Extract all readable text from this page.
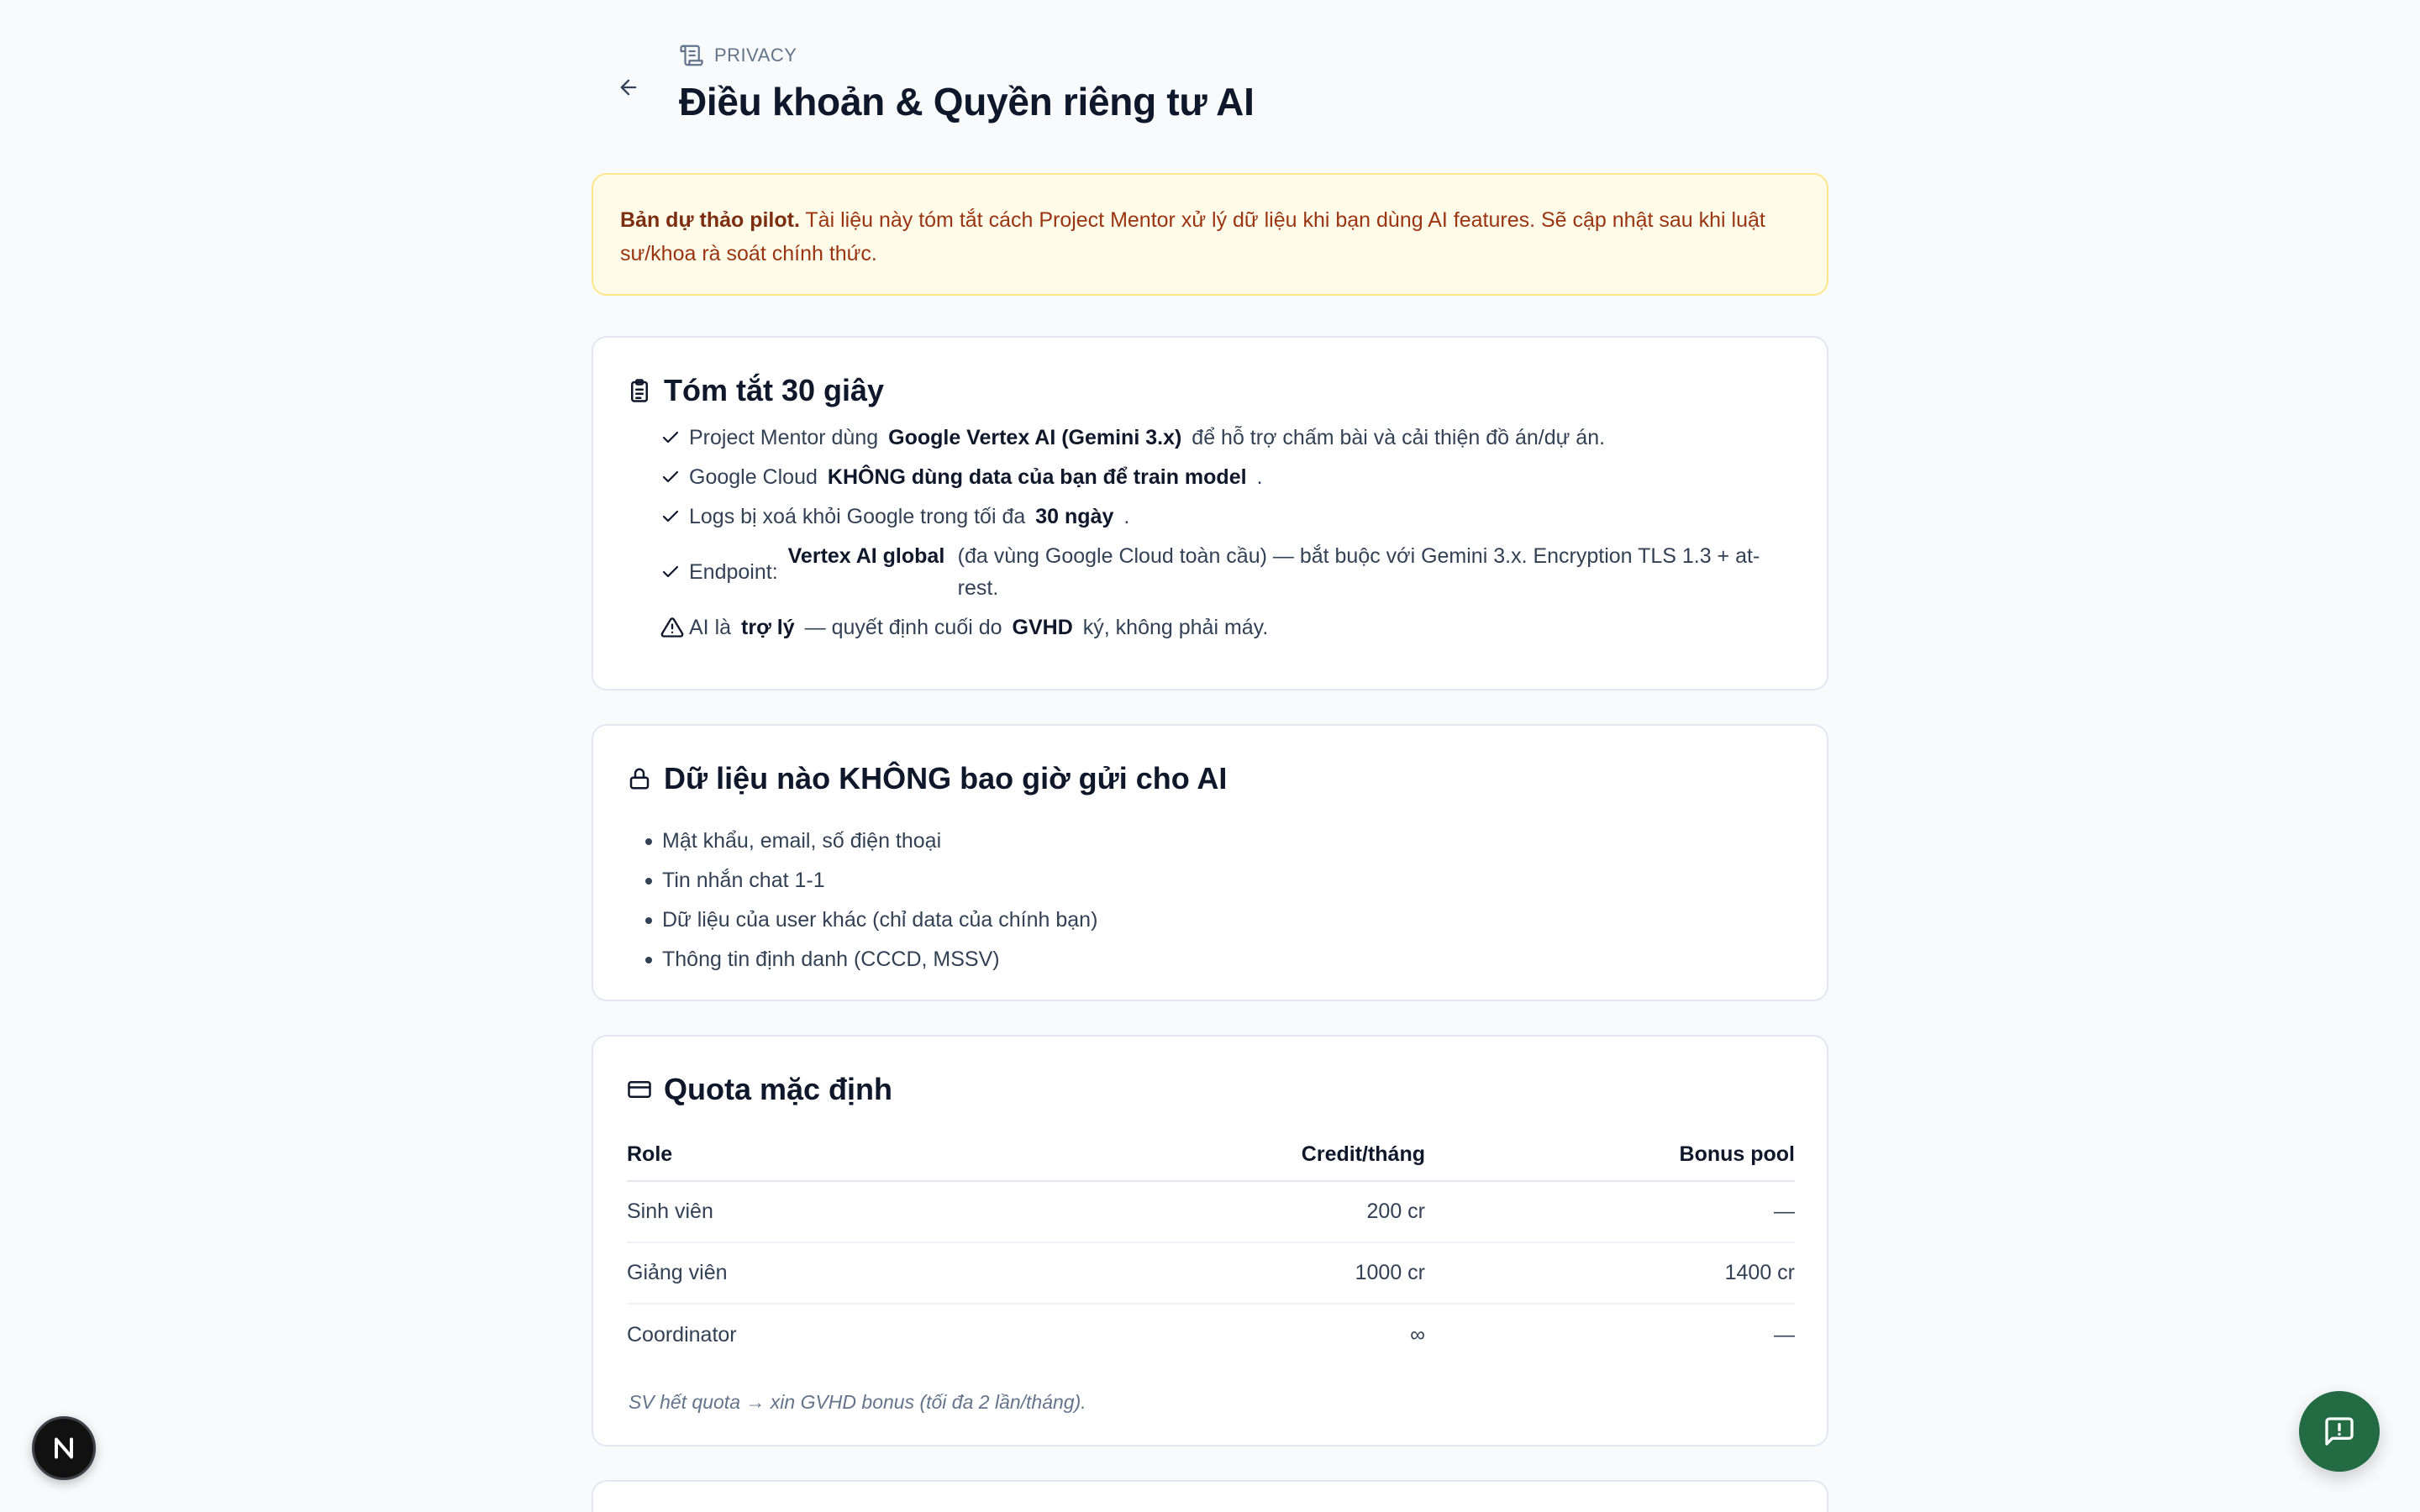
PRIVACY
Điều khoản & Quyền riêng tư AI
Bản dự thảo pilot. Tài liệu này tóm tắt cách Project Mentor xử lý dữ liệu khi bạn dùng AI features. Sẽ cập nhật sau khi luật sư/khoa rà soát chính thức.
Tóm tắt 30 giây
Project Mentor dùng Google Vertex AI (Gemini 3.x) để hỗ trợ chấm bài và cải thiện đồ án/dự án.
Google Cloud KHÔNG dùng data của bạn để train model .
Logs bị xoá khỏi Google trong tối đa 30 ngày .
Endpoint:
Vertex AI global (đa vùng Google Cloud toàn cầu) — bắt buộc với Gemini 3.x. Encryption TLS 1.3 + at-rest.
AI là trợ lý — quyết định cuối do GVHD ký, không phải máy.
Dữ liệu nào KHÔNG bao giờ gửi cho AI
Mật khẩu, email, số điện thoại
Tin nhắn chat 1-1
Dữ liệu của user khác (chỉ data của chính bạn)
Thông tin định danh (CCCD, MSSV)
Quota mặc định
Role	Credit/tháng	Bonus pool
Sinh viên	200 cr	—
Giảng viên	1000 cr	1400 cr
Coordinator	∞	—
SV hết quota → xin GVHD bonus (tối đa 2 lần/tháng).
